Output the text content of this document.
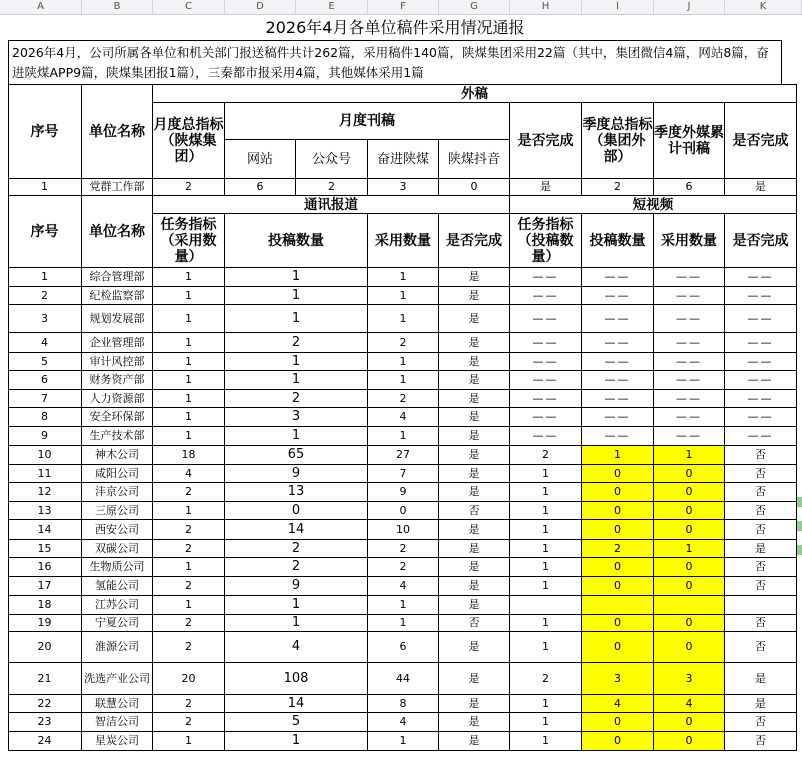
A	B	C	D	E	F	G	H	I	J	K
2026年4月各单位稿件采用情况通报
2026年4月，公司所属各单位和机关部门报送稿件共计262篇，采用稿件140篇，陕煤集团采用22篇（其中，集团微信4篇，网站8篇，奋进陕煤APP9篇，陕煤集团报1篇），三秦都市报采用4篇，其他媒体采用1篇
序号	单位名称
外稿
月度总指标（陕煤集团）
月度刊稿
网站	公众号	奋进陕煤	陕煤抖音
是否完成
季度总指标（集团外部）
季度外媒累计刊稿	是否完成
1	党群工作部	2	6	2	3	0	是	2	6	是
序号	单位名称
通讯报道	短视频
任务指标（采用数量）
投稿数量	采用数量	是否完成
任务指标（投稿数量）
投稿数量	采用数量	是否完成
1	综合管理部	1	1	1	是	——	——	——	——
2	纪检监察部	1	1	1	是	——	——	——	——
3	规划发展部	1	1	1	是	——	——	——	——
4	企业管理部	1	2	2	是	——	——	——	——
5	审计风控部	1	1	1	是	——	——	——	——
6	财务资产部	1	1	1	是	——	——	——	——
7	人力资源部	1	2	2	是	——	——	——	——
8	安全环保部	1	3	4	是	——	——	——	——
9	生产技术部	1	1	1	是	——	——	——	——
10	神木公司	18	65	27	是	2	1	1	否
11	咸阳公司	4	9	7	是	1	0	0	否
12	沣京公司	2	13	9	是	1	0	0	否
13	三原公司	1	0	0	否	1	0	0	否
14	西安公司	2	14	10	是	1	0	0	否
15	双碳公司	2	2	2	是	1	2	1	是
16	生物质公司	1	2	2	是	1	0	0	否
17	氢能公司	2	9	4	是	1	0	0	否
18	江苏公司	1	1	1	是
19	宁夏公司	2	1	1	否	1	0	0	否
20	淮源公司	2	4	6	是	1	0	0	否
21	洗选产业公司	20	108	44	是	2	3	3	是
22	联慧公司	2	14	8	是	1	4	4	是
23	智洁公司	2	5	4	是	1	0	0	否
24	星炭公司	1	1	1	是	1	0	0	否
